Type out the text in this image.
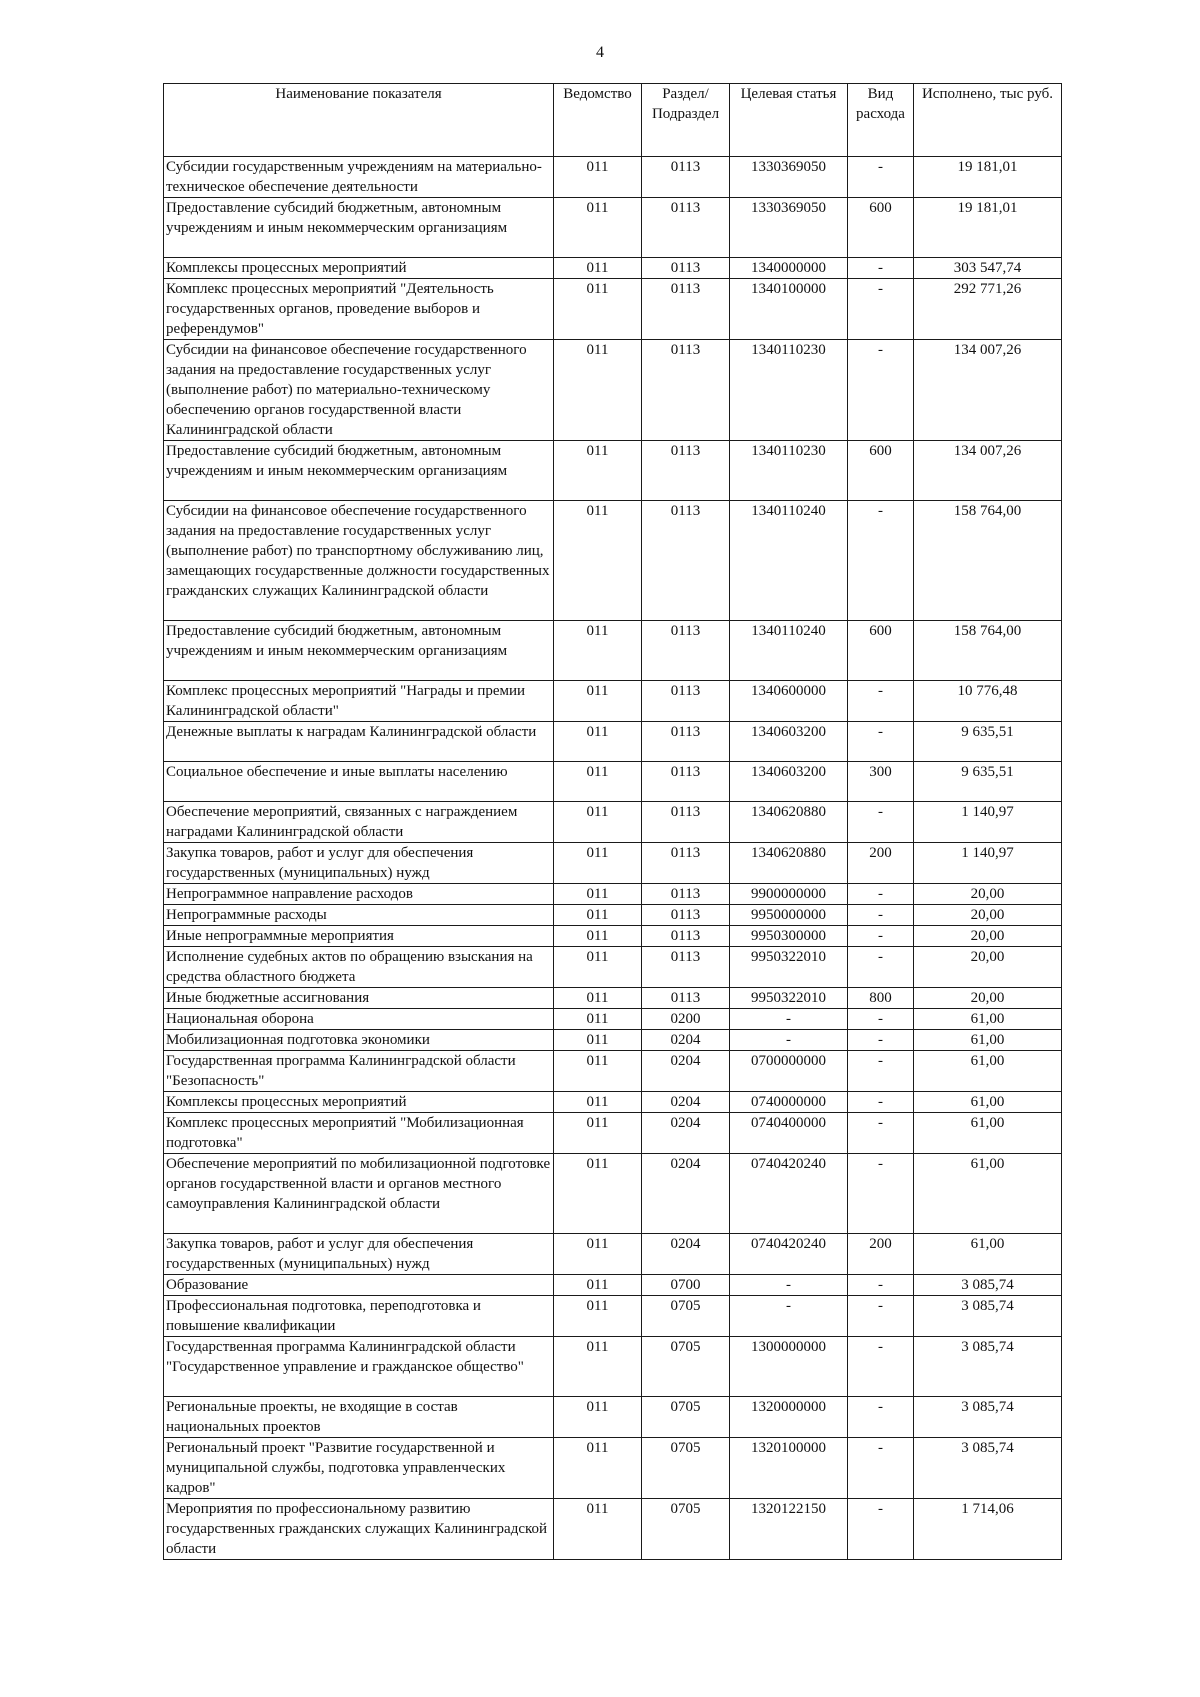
4
Наименование показателя	Ведомство	Раздел/ Подраздел	Целевая статья	Вид расхода	Исполнено, тыс руб.
Субсидии государственным учреждениям на материально-техническое обеспечение деятельности	011	0113	1330369050	-	19 181,01
Предоставление субсидий бюджетным, автономным учреждениям и иным некоммерческим организациям	011	0113	1330369050	600	19 181,01
Комплексы процессных мероприятий	011	0113	1340000000	-	303 547,74
Комплекс процессных мероприятий "Деятельность государственных органов, проведение выборов и референдумов"	011	0113	1340100000	-	292 771,26
Субсидии на финансовое обеспечение государственного задания на предоставление государственных услуг (выполнение работ) по материально-техническому обеспечению органов государственной власти Калининградской области	011	0113	1340110230	-	134 007,26
Предоставление субсидий бюджетным, автономным учреждениям и иным некоммерческим организациям	011	0113	1340110230	600	134 007,26
Субсидии на финансовое обеспечение государственного задания на предоставление государственных услуг (выполнение работ) по транспортному обслуживанию лиц, замещающих государственные должности государственных гражданских служащих Калининградской области	011	0113	1340110240	-	158 764,00
Предоставление субсидий бюджетным, автономным учреждениям и иным некоммерческим организациям	011	0113	1340110240	600	158 764,00
Комплекс процессных мероприятий "Награды и премии Калининградской области"	011	0113	1340600000	-	10 776,48
Денежные выплаты к наградам Калининградской области	011	0113	1340603200	-	9 635,51
Социальное обеспечение и иные выплаты населению	011	0113	1340603200	300	9 635,51
Обеспечение мероприятий, связанных с награждением наградами Калининградской области	011	0113	1340620880	-	1 140,97
Закупка товаров, работ и услуг для обеспечения государственных (муниципальных) нужд	011	0113	1340620880	200	1 140,97
Непрограммное направление расходов	011	0113	9900000000	-	20,00
Непрограммные расходы	011	0113	9950000000	-	20,00
Иные непрограммные мероприятия	011	0113	9950300000	-	20,00
Исполнение судебных актов по обращению взыскания на средства областного бюджета	011	0113	9950322010	-	20,00
Иные бюджетные ассигнования	011	0113	9950322010	800	20,00
Национальная оборона	011	0200	-	-	61,00
Мобилизационная подготовка экономики	011	0204	-	-	61,00
Государственная программа Калининградской области "Безопасность"	011	0204	0700000000	-	61,00
Комплексы процессных мероприятий	011	0204	0740000000	-	61,00
Комплекс процессных мероприятий "Мобилизационная подготовка"	011	0204	0740400000	-	61,00
Обеспечение мероприятий по мобилизационной подготовке органов государственной власти и органов местного самоуправления Калининградской области	011	0204	0740420240	-	61,00
Закупка товаров, работ и услуг для обеспечения государственных (муниципальных) нужд	011	0204	0740420240	200	61,00
Образование	011	0700	-	-	3 085,74
Профессиональная подготовка, переподготовка и повышение квалификации	011	0705	-	-	3 085,74
Государственная программа Калининградской области "Государственное управление и гражданское общество"	011	0705	1300000000	-	3 085,74
Региональные проекты, не входящие в состав национальных проектов	011	0705	1320000000	-	3 085,74
Региональный проект "Развитие государственной и муниципальной службы, подготовка управленческих кадров"	011	0705	1320100000	-	3 085,74
Мероприятия по профессиональному развитию государственных гражданских служащих Калининградской области	011	0705	1320122150	-	1 714,06
